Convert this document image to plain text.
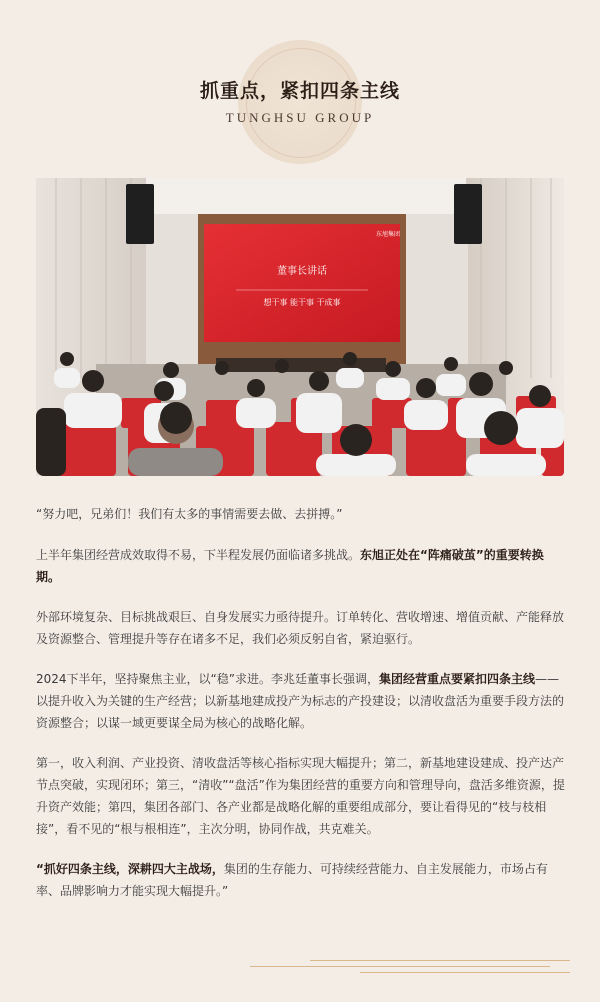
抓重点，紧扣四条主线
TUNGHSU GROUP
东旭集团
董事长讲话
想干事 能干事 干成事

“努力吧，兄弟们！我们有太多的事情需要去做、去拼搏。”

上半年集团经营成效取得不易，下半程发展仍面临诸多挑战。东旭正处在“阵痛破茧”的重要转换期。

外部环境复杂、目标挑战艰巨、自身发展实力亟待提升。订单转化、营收增速、增值贡献、产能释放及资源整合、管理提升等存在诸多不足，我们必须反躬自省，紧迫驱行。

2024下半年，坚持聚焦主业，以“稳”求进。李兆廷董事长强调，集团经营重点要紧扣四条主线——以提升收入为关键的生产经营；以新基地建成投产为标志的产投建设；以清收盘活为重要手段方法的资源整合；以谋一域更要谋全局为核心的战略化解。

第一，收入利润、产业投资、清收盘活等核心指标实现大幅提升；第二，新基地建设建成、投产达产节点突破，实现闭环；第三，“清收”“盘活”作为集团经营的重要方向和管理导向，盘活多维资源，提升资产效能；第四，集团各部门、各产业都是战略化解的重要组成部分，要让看得见的“枝与枝相接”，看不见的“根与根相连”，主次分明，协同作战，共克难关。

“抓好四条主线，深耕四大主战场，集团的生存能力、可持续经营能力、自主发展能力，市场占有率、品牌影响力才能实现大幅提升。”
